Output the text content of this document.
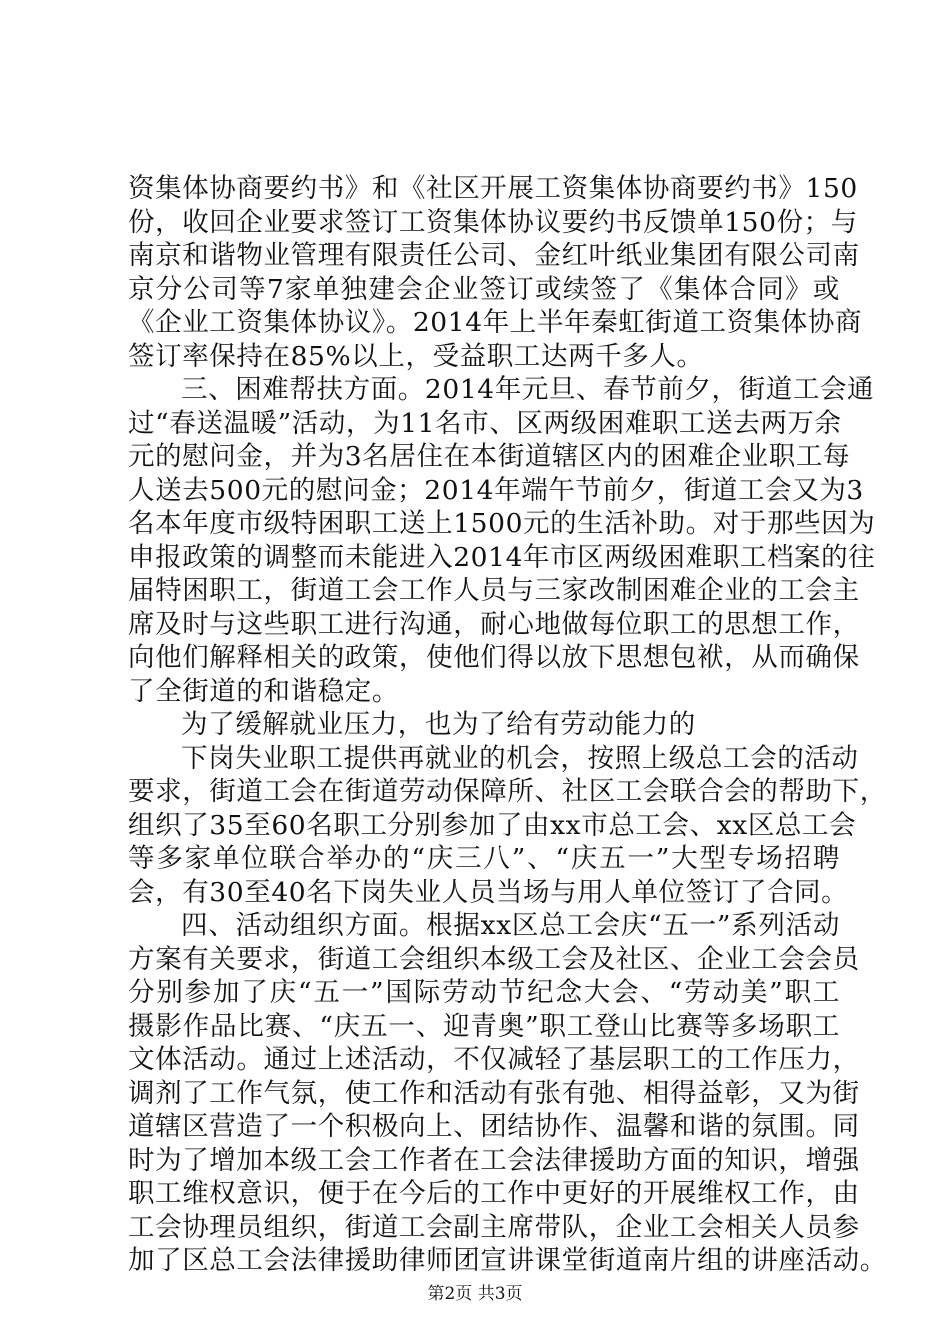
资集体协商要约书》和《社区开展工资集体协商要约书》150
份，收回企业要求签订工资集体协议要约书反馈单150份；与
南京和谐物业管理有限责任公司、金红叶纸业集团有限公司南
京分公司等7家单独建会企业签订或续签了《集体合同》或
《企业工资集体协议》。2014年上半年秦虹街道工资集体协商
签订率保持在85%以上，受益职工达两千多人。
三、困难帮扶方面。2014年元旦、春节前夕，街道工会通
过“春送温暖”活动，为11名市、区两级困难职工送去两万余
元的慰问金，并为3名居住在本街道辖区内的困难企业职工每
人送去500元的慰问金；2014年端午节前夕，街道工会又为3
名本年度市级特困职工送上1500元的生活补助。对于那些因为
申报政策的调整而未能进入2014年市区两级困难职工档案的往
届特困职工，街道工会工作人员与三家改制困难企业的工会主
席及时与这些职工进行沟通，耐心地做每位职工的思想工作，
向他们解释相关的政策，使他们得以放下思想包袱，从而确保
了全街道的和谐稳定。
为了缓解就业压力，也为了给有劳动能力的
下岗失业职工提供再就业的机会，按照上级总工会的活动
要求，街道工会在街道劳动保障所、社区工会联合会的帮助下，
组织了35至60名职工分别参加了由xx市总工会、xx区总工会
等多家单位联合举办的“庆三八”、“庆五一”大型专场招聘
会，有30至40名下岗失业人员当场与用人单位签订了合同。
四、活动组织方面。根据xx区总工会庆“五一”系列活动
方案有关要求，街道工会组织本级工会及社区、企业工会会员
分别参加了庆“五一”国际劳动节纪念大会、“劳动美”职工
摄影作品比赛、“庆五一、迎青奥”职工登山比赛等多场职工
文体活动。通过上述活动，不仅减轻了基层职工的工作压力，
调剂了工作气氛，使工作和活动有张有弛、相得益彰，又为街
道辖区营造了一个积极向上、团结协作、温馨和谐的氛围。同
时为了增加本级工会工作者在工会法律援助方面的知识，增强
职工维权意识，便于在今后的工作中更好的开展维权工作，由
工会协理员组织，街道工会副主席带队，企业工会相关人员参
加了区总工会法律援助律师团宣讲课堂街道南片组的讲座活动。
第2页 共3页
